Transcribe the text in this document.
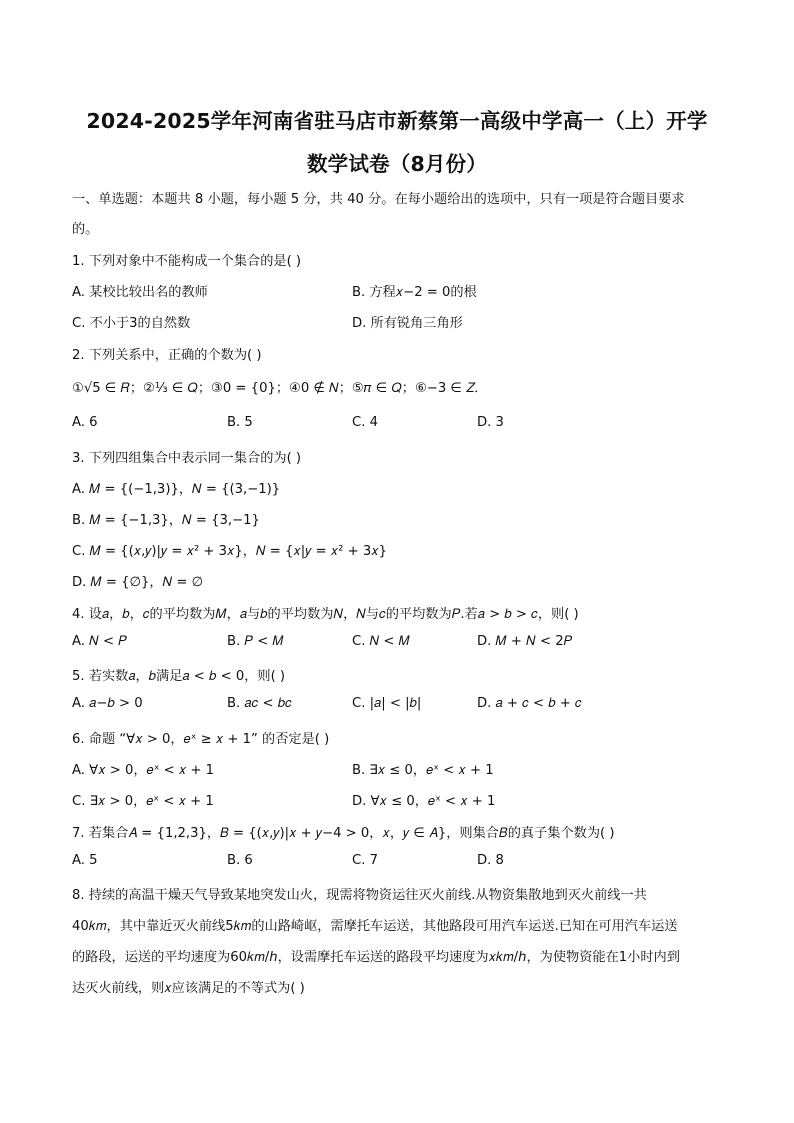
2024-2025学年河南省驻马店市新蔡第一高级中学高一（上）开学
数学试卷（8月份）
一、单选题：本题共 8 小题，每小题 5 分，共 40 分。在每小题给出的选项中，只有一项是符合题目要求
的。
1. 下列对象中不能构成一个集合的是( )
A. 某校比较出名的教师	B. 方程𝑥−2 = 0的根
C. 不小于3的自然数	D. 所有锐角三角形
2. 下列关系中，正确的个数为( )
①√5 ∈ 𝑅；②⅓ ∈ 𝑄；③0 = {0}；④0 ∉ 𝑁；⑤𝜋 ∈ 𝑄；⑥−3 ∈ 𝑍．
A. 6	B. 5	C. 4	D. 3
3. 下列四组集合中表示同一集合的为( )
A. 𝑀 = {(−1,3)}，𝑁 = {(3,−1)}
B. 𝑀 = {−1,3}，𝑁 = {3,−1}
C. 𝑀 = {(𝑥,𝑦)|𝑦 = 𝑥² + 3𝑥}，𝑁 = {𝑥|𝑦 = 𝑥² + 3𝑥}
D. 𝑀 = {∅}，𝑁 = ∅
4. 设𝑎，𝑏，𝑐的平均数为𝑀，𝑎与𝑏的平均数为𝑁，𝑁与𝑐的平均数为𝑃.若𝑎 > 𝑏 > 𝑐，则( )
A. 𝑁 < 𝑃	B. 𝑃 < 𝑀	C. 𝑁 < 𝑀	D. 𝑀 + 𝑁 < 2𝑃
5. 若实数𝑎，𝑏满足𝑎 < 𝑏 < 0，则( )
A. 𝑎−𝑏 > 0	B. 𝑎𝑐 < 𝑏𝑐	C. |𝑎| < |𝑏|	D. 𝑎 + 𝑐 < 𝑏 + 𝑐
6. 命题 “∀𝑥 > 0，𝑒ˣ ≥ 𝑥 + 1” 的否定是( )
A. ∀𝑥 > 0，𝑒ˣ < 𝑥 + 1	B. ∃𝑥 ≤ 0，𝑒ˣ < 𝑥 + 1
C. ∃𝑥 > 0，𝑒ˣ < 𝑥 + 1	D. ∀𝑥 ≤ 0，𝑒ˣ < 𝑥 + 1
7. 若集合𝐴 = {1,2,3}，𝐵 = {(𝑥,𝑦)|𝑥 + 𝑦−4 > 0，𝑥，𝑦 ∈ 𝐴}，则集合𝐵的真子集个数为( )
A. 5	B. 6	C. 7	D. 8
8. 持续的高温干燥天气导致某地突发山火，现需将物资运往灭火前线.从物资集散地到灭火前线一共
40𝑘𝑚，其中靠近灭火前线5𝑘𝑚的山路崎岖，需摩托车运送，其他路段可用汽车运送.已知在可用汽车运送
的路段，运送的平均速度为60𝑘𝑚/ℎ，设需摩托车运送的路段平均速度为𝑥𝑘𝑚/ℎ，为使物资能在1小时内到
达灭火前线，则𝑥应该满足的不等式为( )
